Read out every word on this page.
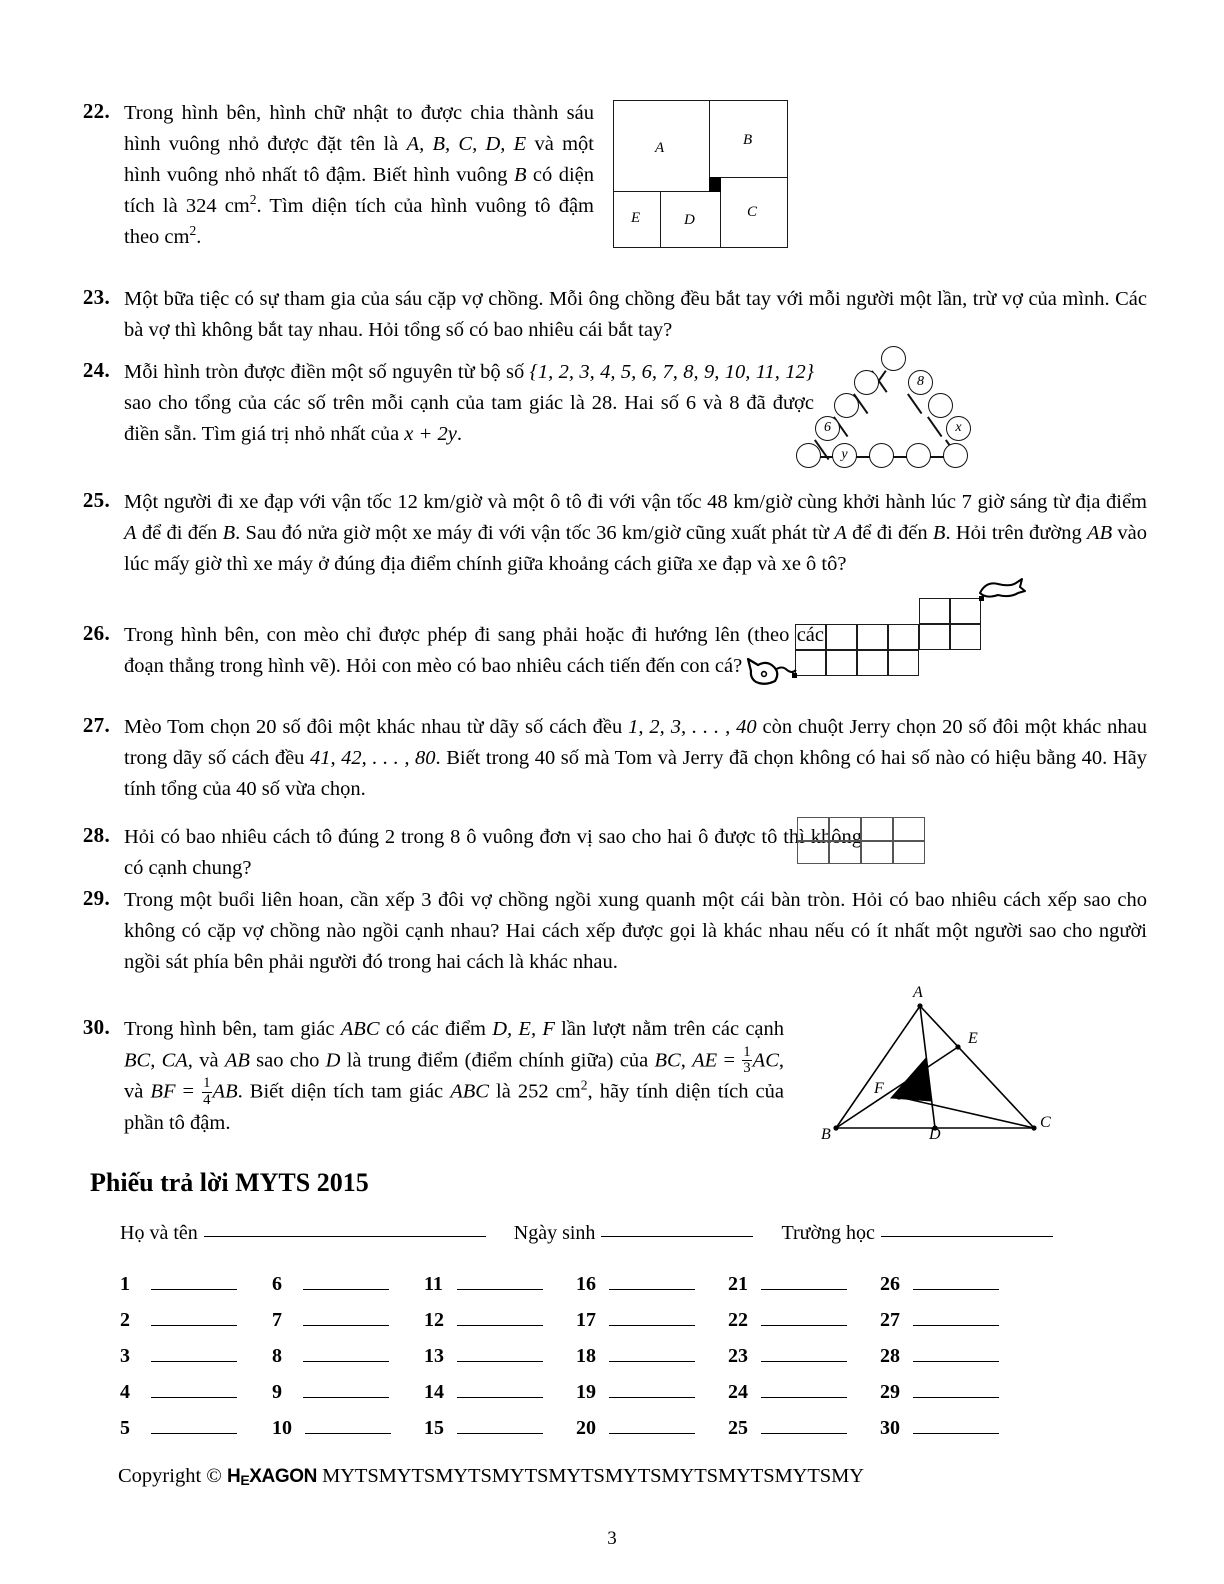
22. Trong hình bên, hình chữ nhật to được chia thành sáu hình vuông nhỏ được đặt tên là A, B, C, D, E và một hình vuông nhỏ nhất tô đậm. Biết hình vuông B có diện tích là 324 $cm^2$. Tìm diện tích của hình vuông tô đậm theo $cm^2$.
A	B
E	D	C
23. Một bữa tiệc có sự tham gia của sáu cặp vợ chồng. Mỗi ông chồng đều bắt tay với mỗi người một lần, trừ vợ của mình. Các bà vợ thì không bắt tay nhau. Hỏi tổng số có bao nhiêu cái bắt tay?
24. Mỗi hình tròn được điền một số nguyên từ bộ số {1, 2, 3, 4, 5, 6, 7, 8, 9, 10, 11, 12} sao cho tổng của các số trên mỗi cạnh của tam giác là 28. Hai số 6 và 8 đã được điền sẵn. Tìm giá trị nhỏ nhất của x + 2y.	6
8
x
y
25. Một người đi xe đạp với vận tốc 12 km/giờ và một ô tô đi với vận tốc 48 km/giờ cùng khởi hành lúc 7 giờ sáng từ địa điểm A để đi đến B. Sau đó nửa giờ một xe máy đi với vận tốc 36 km/giờ cũng xuất phát từ A để đi đến B. Hỏi trên đường AB vào lúc mấy giờ thì xe máy ở đúng địa điểm chính giữa khoảng cách giữa xe đạp và xe ô tô?
26. Trong hình bên, con mèo chỉ được phép đi sang phải hoặc đi hướng lên (theo các đoạn thẳng trong hình vẽ). Hỏi con mèo có bao nhiêu cách tiến đến con cá?
27. Mèo Tom chọn 20 số đôi một khác nhau từ dãy số cách đều 1, 2, 3, . . . , 40 còn chuột Jerry chọn 20 số đôi một khác nhau trong dãy số cách đều 41, 42, . . . , 80. Biết trong 40 số mà Tom và Jerry đã chọn không có hai số nào có hiệu bằng 40. Hãy tính tổng của 40 số vừa chọn.
28. Hỏi có bao nhiêu cách tô đúng 2 trong 8 ô vuông đơn vị sao cho hai ô được tô thì không có cạnh chung?
29. Trong một buổi liên hoan, cần xếp 3 đôi vợ chồng ngồi xung quanh một cái bàn tròn. Hỏi có bao nhiêu cách xếp sao cho không có cặp vợ chồng nào ngồi cạnh nhau? Hai cách xếp được gọi là khác nhau nếu có ít nhất một người sao cho người ngồi sát phía bên phải người đó trong hai cách là khác nhau.
30. Trong hình bên, tam giác ABC có các điểm D, E, F lần lượt nằm trên các cạnh BC, CA, và AB sao cho D là trung điểm (điểm chính giữa) của BC, AE = $\frac{1}{3}$ AC, và BF = $\frac{1}{4}$ AB. Biết diện tích tam giác ABC là 252 $cm^2$, hãy tính diện tích của phần tô đậm.
A
E
F
B	D
C
Phiếu trả lời MYTS 2015
Họ và tên	Ngày sinh	Trường học
1	6	11	16	21	26
2	7	12	17	22	27
3	8	13	18	23	28
4	9	14	19	24	29
5	10	15	20	25	30
Copyright © HEXAGON MYTSMYTSMYTSMYTSMYTSMYTSMYTSMYTSMYTSMY
3
